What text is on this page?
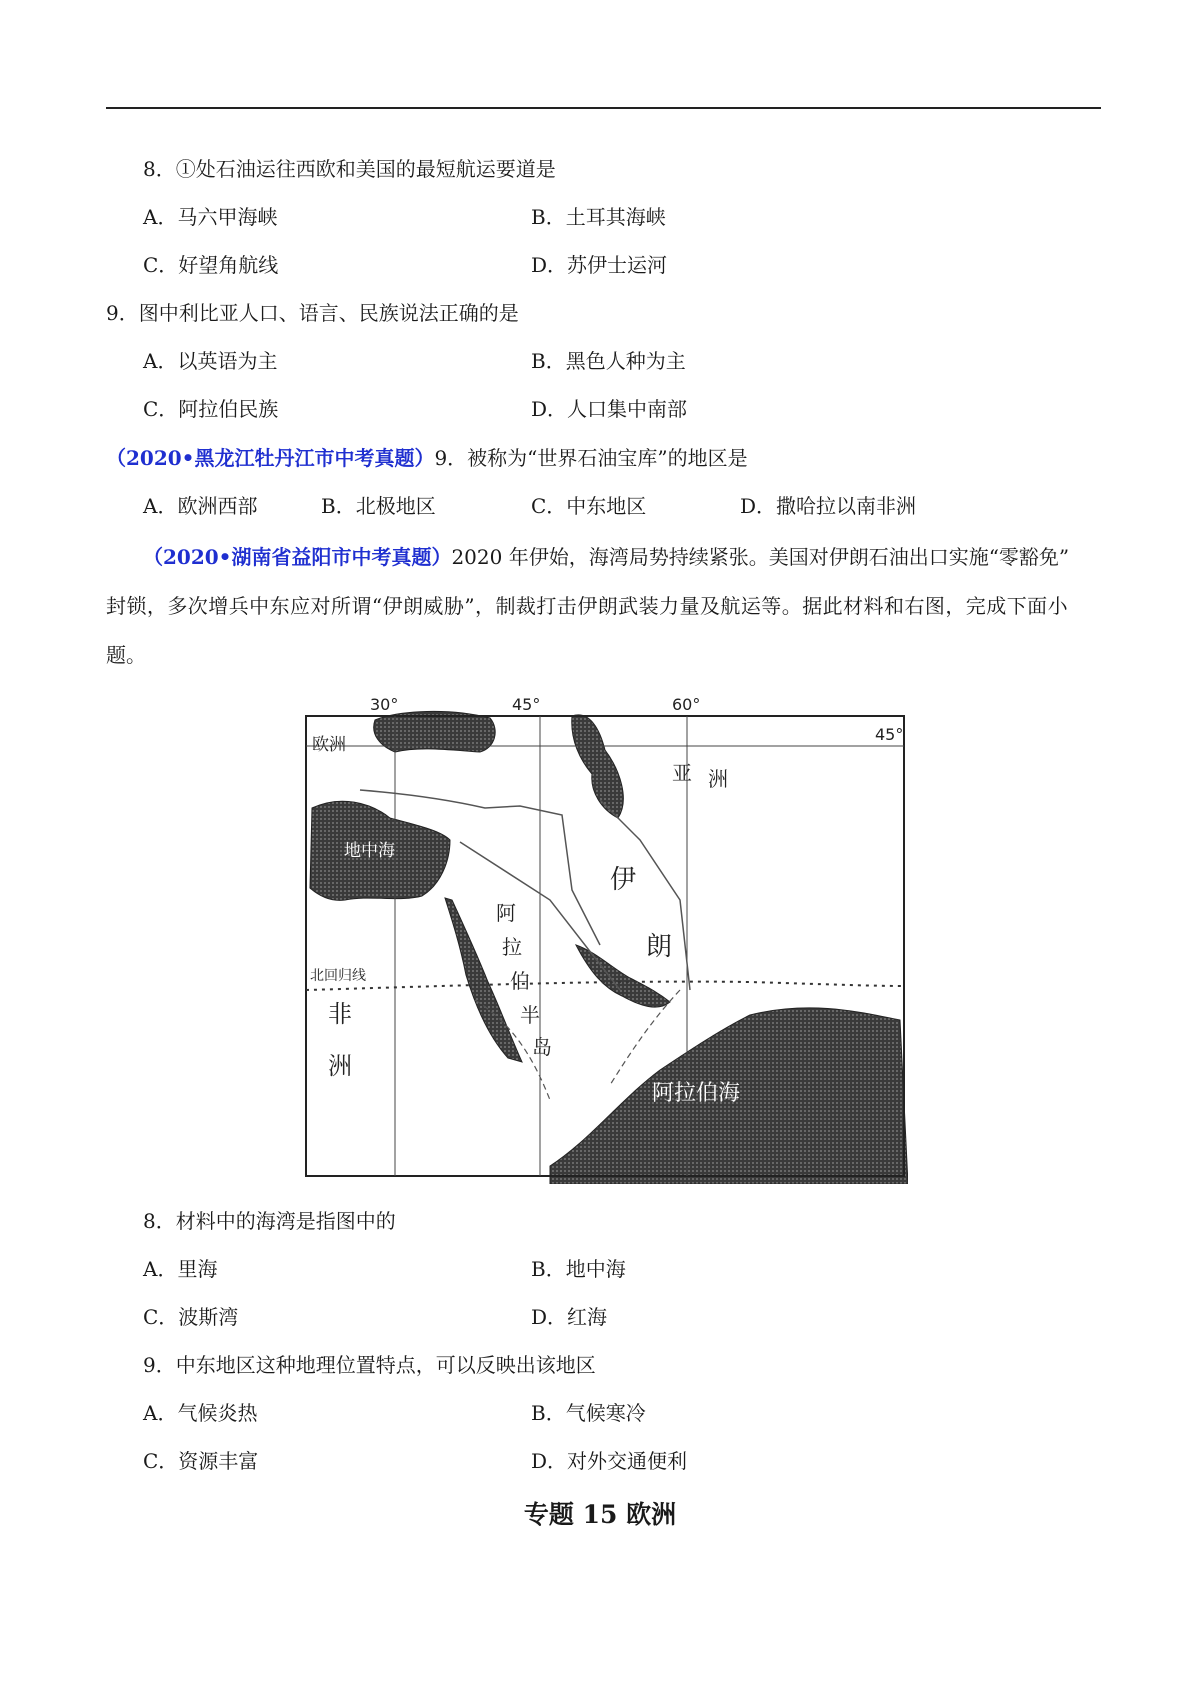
8．①处石油运往西欧和美国的最短航运要道是
A．马六甲海峡	B．土耳其海峡
C．好望角航线	D．苏伊士运河
9．图中利比亚人口、语言、民族说法正确的是
A．以英语为主	B．黑色人种为主
C．阿拉伯民族	D．人口集中南部
（2020•黑龙江牡丹江市中考真题）9．被称为“世界石油宝库”的地区是
A．欧洲西部	B．北极地区	C．中东地区	D．撒哈拉以南非洲
（2020•湖南省益阳市中考真题）2020 年伊始，海湾局势持续紧张。美国对伊朗石油出口实施“零豁免”
封锁，多次增兵中东应对所谓“伊朗威胁”，制裁打击伊朗武装力量及航运等。据此材料和右图，完成下面小
题。
30°	45°	60°
45°
欧洲
亚 洲
地中海
伊
朗
阿
拉
伯
半
岛
北回归线
非
洲
阿拉伯海
8．材料中的海湾是指图中的
A．里海	B．地中海
C．波斯湾	D．红海
9．中东地区这种地理位置特点，可以反映出该地区
A．气候炎热	B．气候寒冷
C．资源丰富	D．对外交通便利
专题 15 欧洲
